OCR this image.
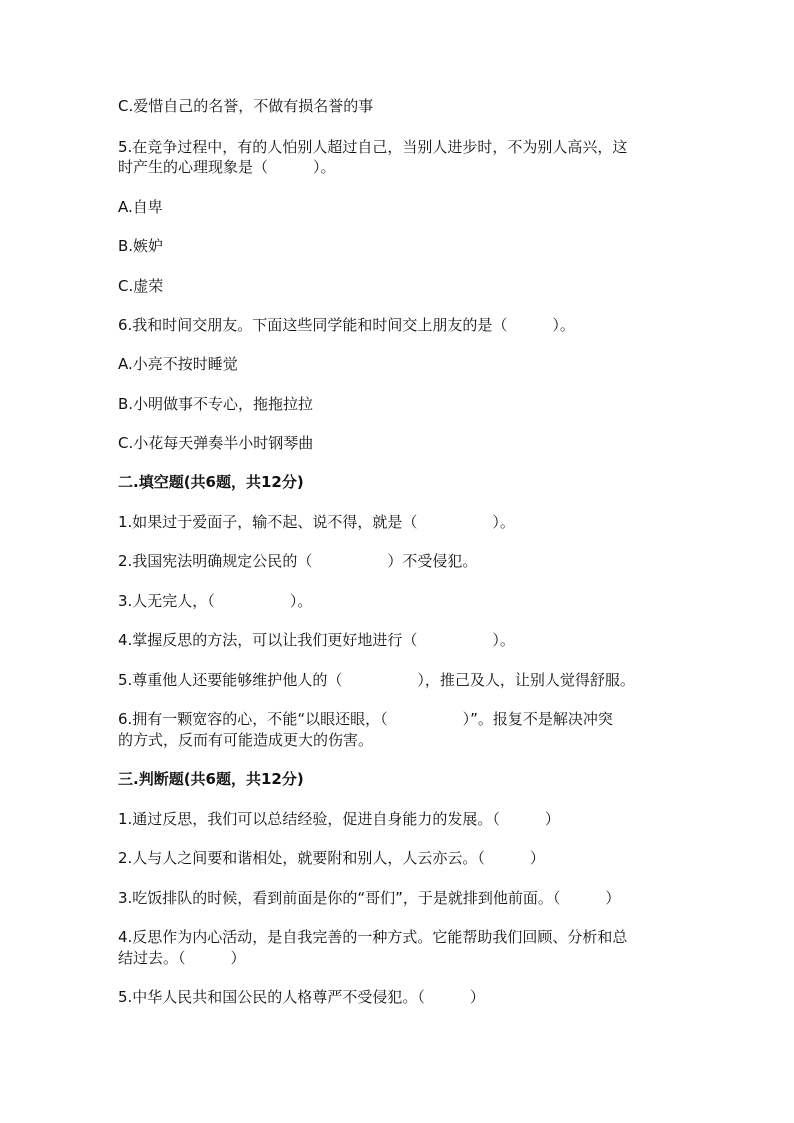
C.爱惜自己的名誉，不做有损名誉的事
5.在竞争过程中，有的人怕别人超过自己，当别人进步时，不为别人高兴，这
时产生的心理现象是（　　　）。
A.自卑
B.嫉妒
C.虚荣
6.我和时间交朋友。下面这些同学能和时间交上朋友的是（　　　）。
A.小亮不按时睡觉
B.小明做事不专心，拖拖拉拉
C.小花每天弹奏半小时钢琴曲
二.填空题(共6题，共12分)
1.如果过于爱面子，输不起、说不得，就是（　　　　　）。
2.我国宪法明确规定公民的（　　　　　）不受侵犯。
3.人无完人，（　　　　　）。
4.掌握反思的方法，可以让我们更好地进行（　　　　　）。
5.尊重他人还要能够维护他人的（　　　　　），推己及人，让别人觉得舒服。
6.拥有一颗宽容的心，不能“以眼还眼，（　　　　　）”。报复不是解决冲突
的方式，反而有可能造成更大的伤害。
三.判断题(共6题，共12分)
1.通过反思，我们可以总结经验，促进自身能力的发展。（　　　）
2.人与人之间要和谐相处，就要附和别人，人云亦云。（　　　）
3.吃饭排队的时候，看到前面是你的“哥们”，于是就排到他前面。（　　　）
4.反思作为内心活动，是自我完善的一种方式。它能帮助我们回顾、分析和总
结过去。（　　　）
5.中华人民共和国公民的人格尊严不受侵犯。（　　　）
